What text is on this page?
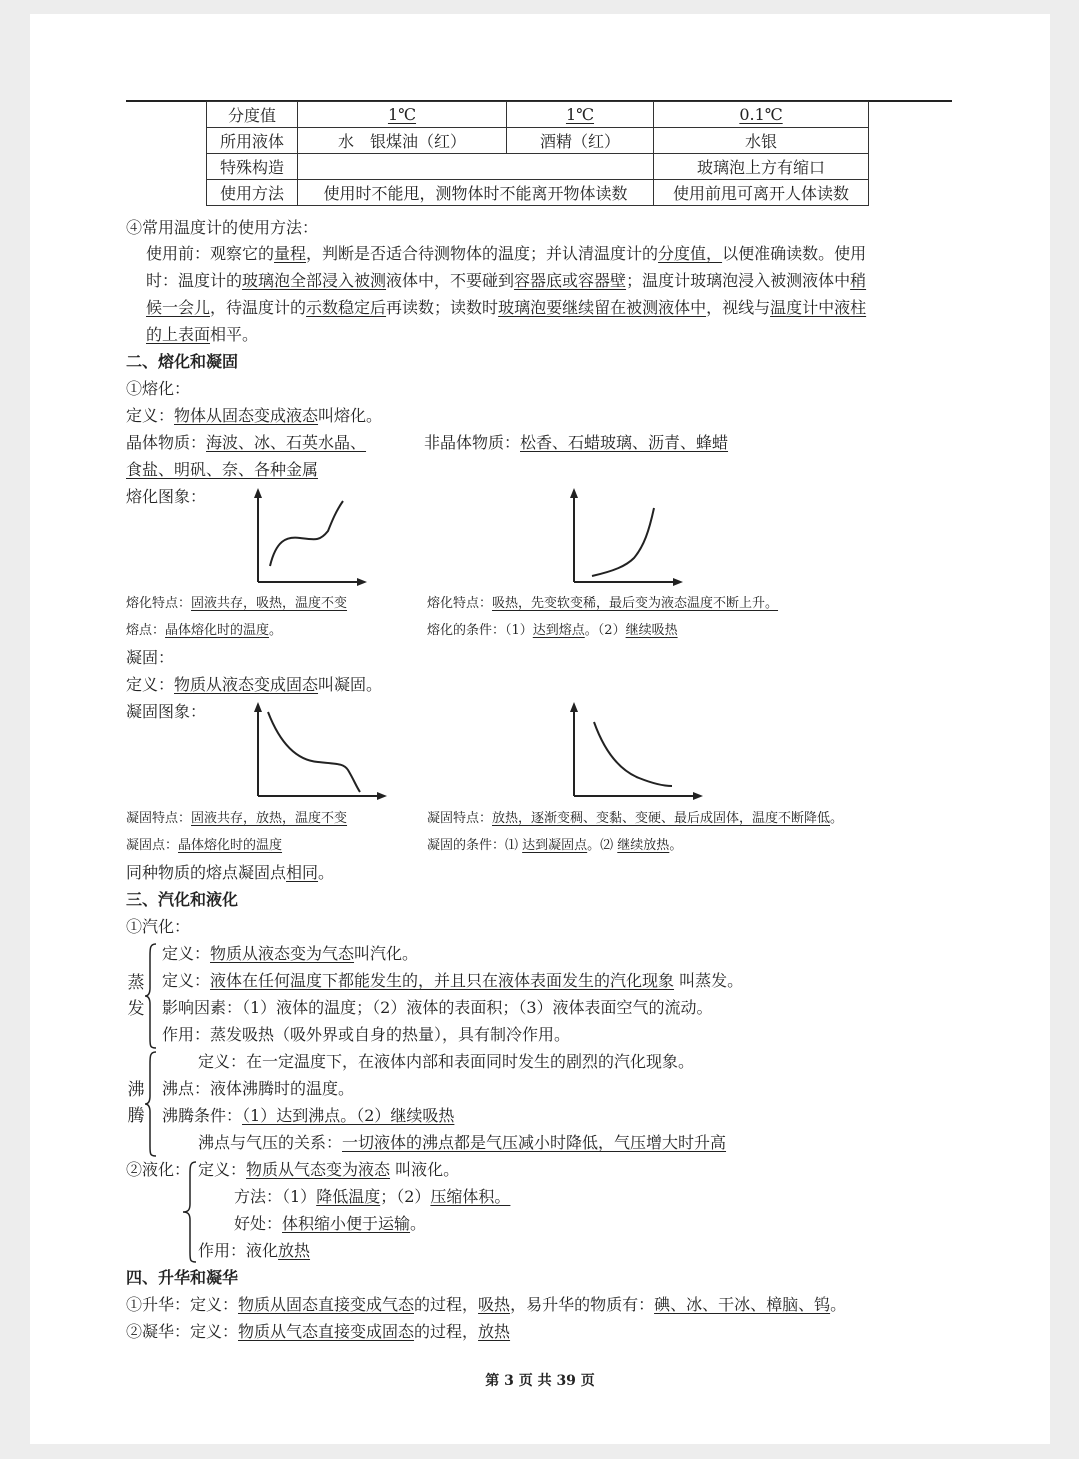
分度值	1℃	1℃	0.1℃
所用液体	水　银煤油（红）	酒精（红）	水银
特殊构造			玻璃泡上方有缩口
使用方法	使用时不能甩，测物体时不能离开物体读数		使用前甩可离开人体读数
④常用温度计的使用方法：
使用前：观察它的量程，判断是否适合待测物体的温度；并认清温度计的分度值，以便准确读数。使用
时：温度计的玻璃泡全部浸入被测液体中，不要碰到容器底或容器壁；温度计玻璃泡浸入被测液体中稍
候一会儿，待温度计的示数稳定后再读数；读数时玻璃泡要继续留在被测液体中，视线与温度计中液柱
的上表面相平。
二、熔化和凝固
①熔化：
定义：物体从固态变成液态叫熔化。
晶体物质：海波、冰、石英水晶、	非晶体物质：松香、石蜡玻璃、沥青、蜂蜡
食盐、明矾、奈、各种金属
熔化图象：
熔化特点：固液共存，吸热，温度不变	熔化特点：吸热，先变软变稀，最后变为液态温度不断上升。
熔点：晶体熔化时的温度。	熔化的条件：（1）达到熔点。（2）继续吸热
凝固：
定义：物质从液态变成固态叫凝固。
凝固图象：
凝固特点：固液共存，放热，温度不变	凝固特点：放热，逐渐变稠、变黏、变硬、最后成固体，温度不断降低。
凝固点：晶体熔化时的温度	凝固的条件：⑴ 达到凝固点。⑵ 继续放热。
同种物质的熔点凝固点相同。
三、汽化和液化
①汽化：
蒸
发
定义：物质从液态变为气态叫汽化。
定义：液体在任何温度下都能发生的，并且只在液体表面发生的汽化现象 叫蒸发。
影响因素：（1）液体的温度；（2）液体的表面积；（3）液体表面空气的流动。
作用：蒸发吸热（吸外界或自身的热量），具有制冷作用。
沸
腾
定义：在一定温度下，在液体内部和表面同时发生的剧烈的汽化现象。
沸点：液体沸腾时的温度。
沸腾条件：（1）达到沸点。（2）继续吸热
沸点与气压的关系：一切液体的沸点都是气压减小时降低，气压增大时升高
②液化： 定义：物质从气态变为液态 叫液化。
方法：（1）降低温度；（2）压缩体积。
好处：体积缩小便于运输。
作用：液化放热
四、升华和凝华
①升华：定义：物质从固态直接变成气态的过程，吸热，易升华的物质有：碘、冰、干冰、樟脑、钨。
②凝华：定义：物质从气态直接变成固态的过程，放热
第 3 页 共 39 页
